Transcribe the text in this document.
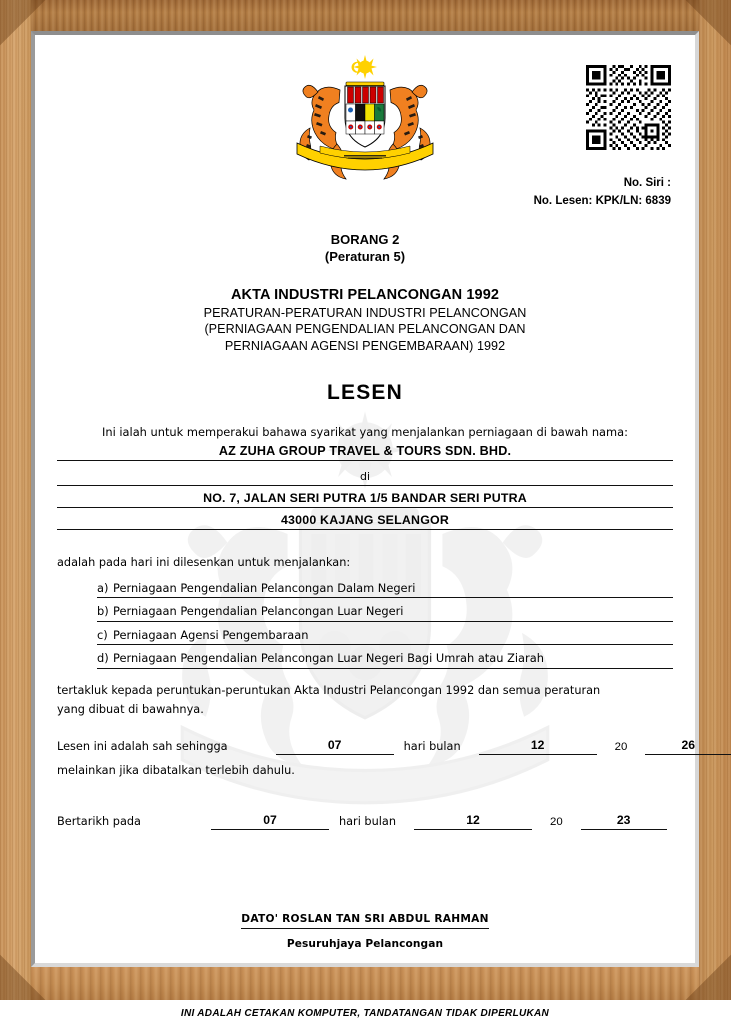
No. Siri :
No. Lesen: KPK/LN: 6839
BORANG 2
(Peraturan 5)
AKTA INDUSTRI PELANCONGAN 1992
PERATURAN-PERATURAN INDUSTRI PELANCONGAN
(PERNIAGAAN PENGENDALIAN PELANCONGAN DAN
PERNIAGAAN AGENSI PENGEMBARAAN) 1992
LESEN
Ini ialah untuk memperakui bahawa syarikat yang menjalankan perniagaan di bawah nama:
AZ ZUHA GROUP TRAVEL & TOURS SDN. BHD.
di
NO. 7, JALAN SERI PUTRA 1/5 BANDAR SERI PUTRA
43000 KAJANG SELANGOR
adalah pada hari ini dilesenkan untuk menjalankan:
a) Perniagaan Pengendalian Pelancongan Dalam Negeri
b) Perniagaan Pengendalian Pelancongan Luar Negeri
c) Perniagaan Agensi Pengembaraan
d) Perniagaan Pengendalian Pelancongan Luar Negeri Bagi Umrah atau Ziarah
tertakluk kepada peruntukan-peruntukan Akta Industri Pelancongan 1992 dan semua peraturan
yang dibuat di bawahnya.
Lesen ini adalah sah sehingga	07	hari bulan	12	20	26
melainkan jika dibatalkan terlebih dahulu.
Bertarikh pada	07	hari bulan	12	20	23
DATO' ROSLAN TAN SRI ABDUL RAHMAN
Pesuruhjaya Pelancongan
INI ADALAH CETAKAN KOMPUTER, TANDATANGAN TIDAK DIPERLUKAN
